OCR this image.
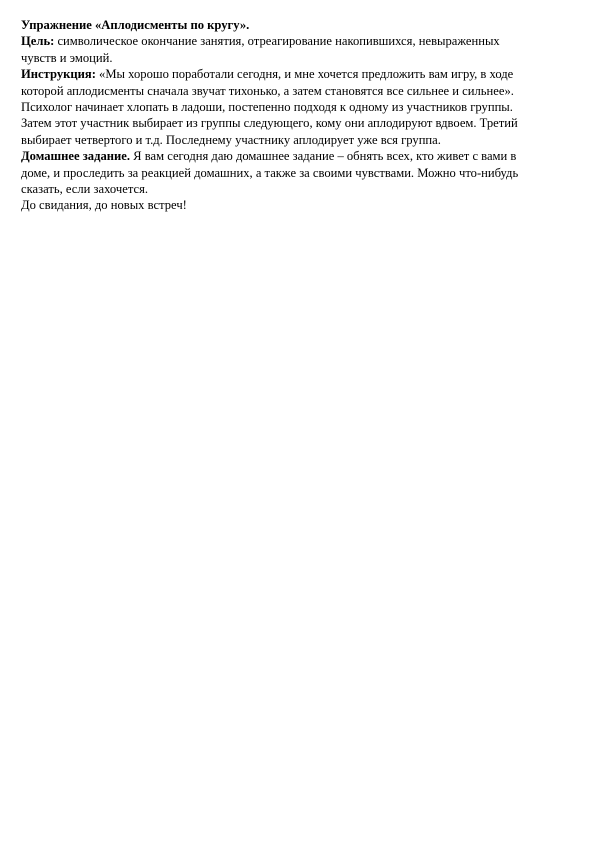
Упражнение «Аплодисменты по кругу».

Цель: символическое окончание занятия, отреагирование накопившихся, невыраженных

чувств и эмоций.

Инструкция: «Мы хорошо поработали сегодня, и мне хочется предложить вам игру, в ходе

которой аплодисменты сначала звучат тихонько, а затем становятся все сильнее и сильнее».

Психолог начинает хлопать в ладоши, постепенно подходя к одному из участников группы.

Затем этот участник выбирает из группы следующего, кому они аплодируют вдвоем. Третий

выбирает четвертого и т.д. Последнему участнику аплодирует уже вся группа.

Домашнее задание. Я вам сегодня даю домашнее задание – обнять всех, кто живет с вами в

доме, и проследить за реакцией домашних, а также за своими чувствами. Можно что-нибудь

сказать, если захочется.

До свидания, до новых встреч!
